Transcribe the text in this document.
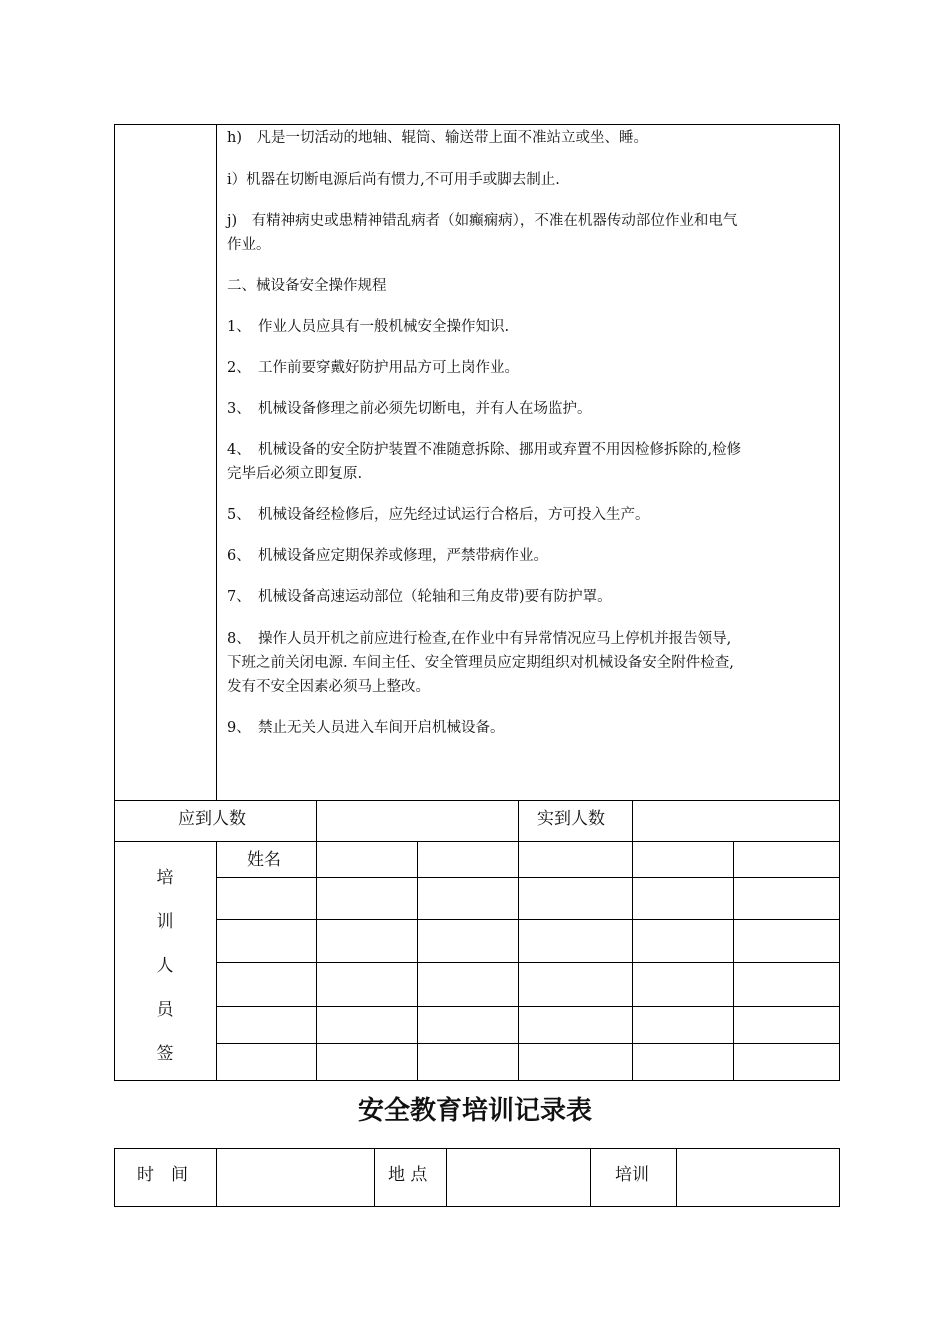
h)　凡是一切活动的地轴、辊筒、输送带上面不准站立或坐、睡。
i）机器在切断电源后尚有惯力,不可用手或脚去制止.
j)　有精神病史或患精神错乱病者（如癫痫病），不准在机器传动部位作业和电气
作业。
二、械设备安全操作规程
1、　作业人员应具有一般机械安全操作知识.
2、　工作前要穿戴好防护用品方可上岗作业。
3、　机械设备修理之前必须先切断电，并有人在场监护。
4、　机械设备的安全防护装置不准随意拆除、挪用或弃置不用因检修拆除的,检修
完毕后必须立即复原.
5、　机械设备经检修后，应先经过试运行合格后，方可投入生产。
6、　机械设备应定期保养或修理，严禁带病作业。
7、　机械设备高速运动部位（轮轴和三角皮带)要有防护罩。
8、　操作人员开机之前应进行检查,在作业中有异常情况应马上停机并报告领导,
下班之前关闭电源. 车间主任、安全管理员应定期组织对机械设备安全附件检查,
发有不安全因素必须马上整改。
9、　禁止无关人员进入车间开启机械设备。
应到人数	实到人数
培
训
人
员
签
姓名
安全教育培训记录表
时　间	地 点	培训
